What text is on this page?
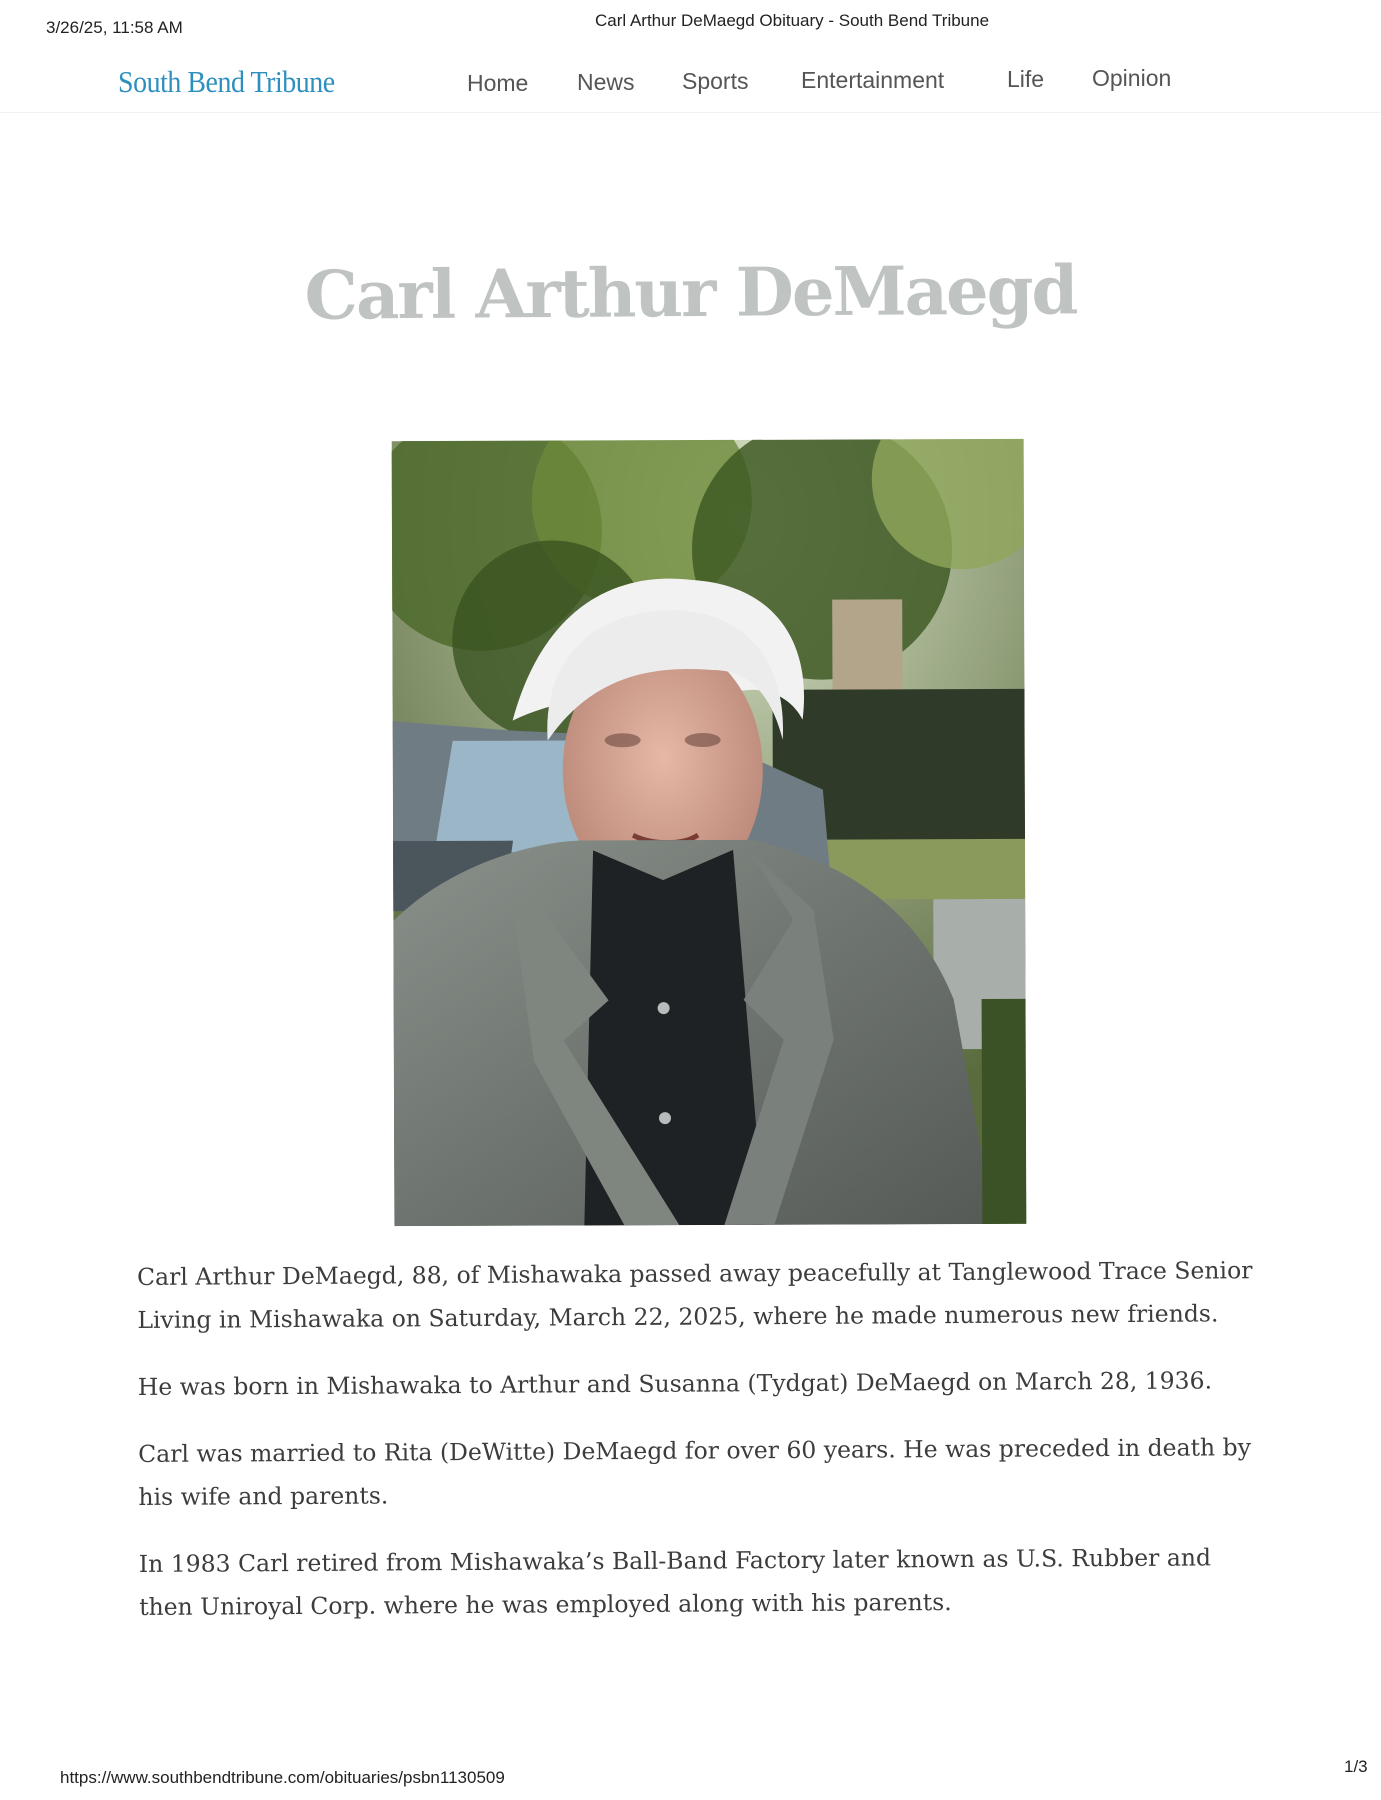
3/26/25, 11:58 AM	Carl Arthur DeMaegd Obituary - South Bend Tribune
South Bend Tribune	Home News Sports Entertainment	Life Opinion
Carl Arthur DeMaegd

Carl Arthur DeMaegd, 88, of Mishawaka passed away peacefully at Tanglewood Trace Senior Living in Mishawaka on Saturday, March 22, 2025, where he made numerous new friends.

He was born in Mishawaka to Arthur and Susanna (Tydgat) DeMaegd on March 28, 1936.

Carl was married to Rita (DeWitte) DeMaegd for over 60 years. He was preceded in death by his wife and parents.

In 1983 Carl retired from Mishawaka’s Ball-Band Factory later known as U.S. Rubber and then Uniroyal Corp. where he was employed along with his parents.

https://www.southbendtribune.com/obituaries/psbn1130509
1/3
